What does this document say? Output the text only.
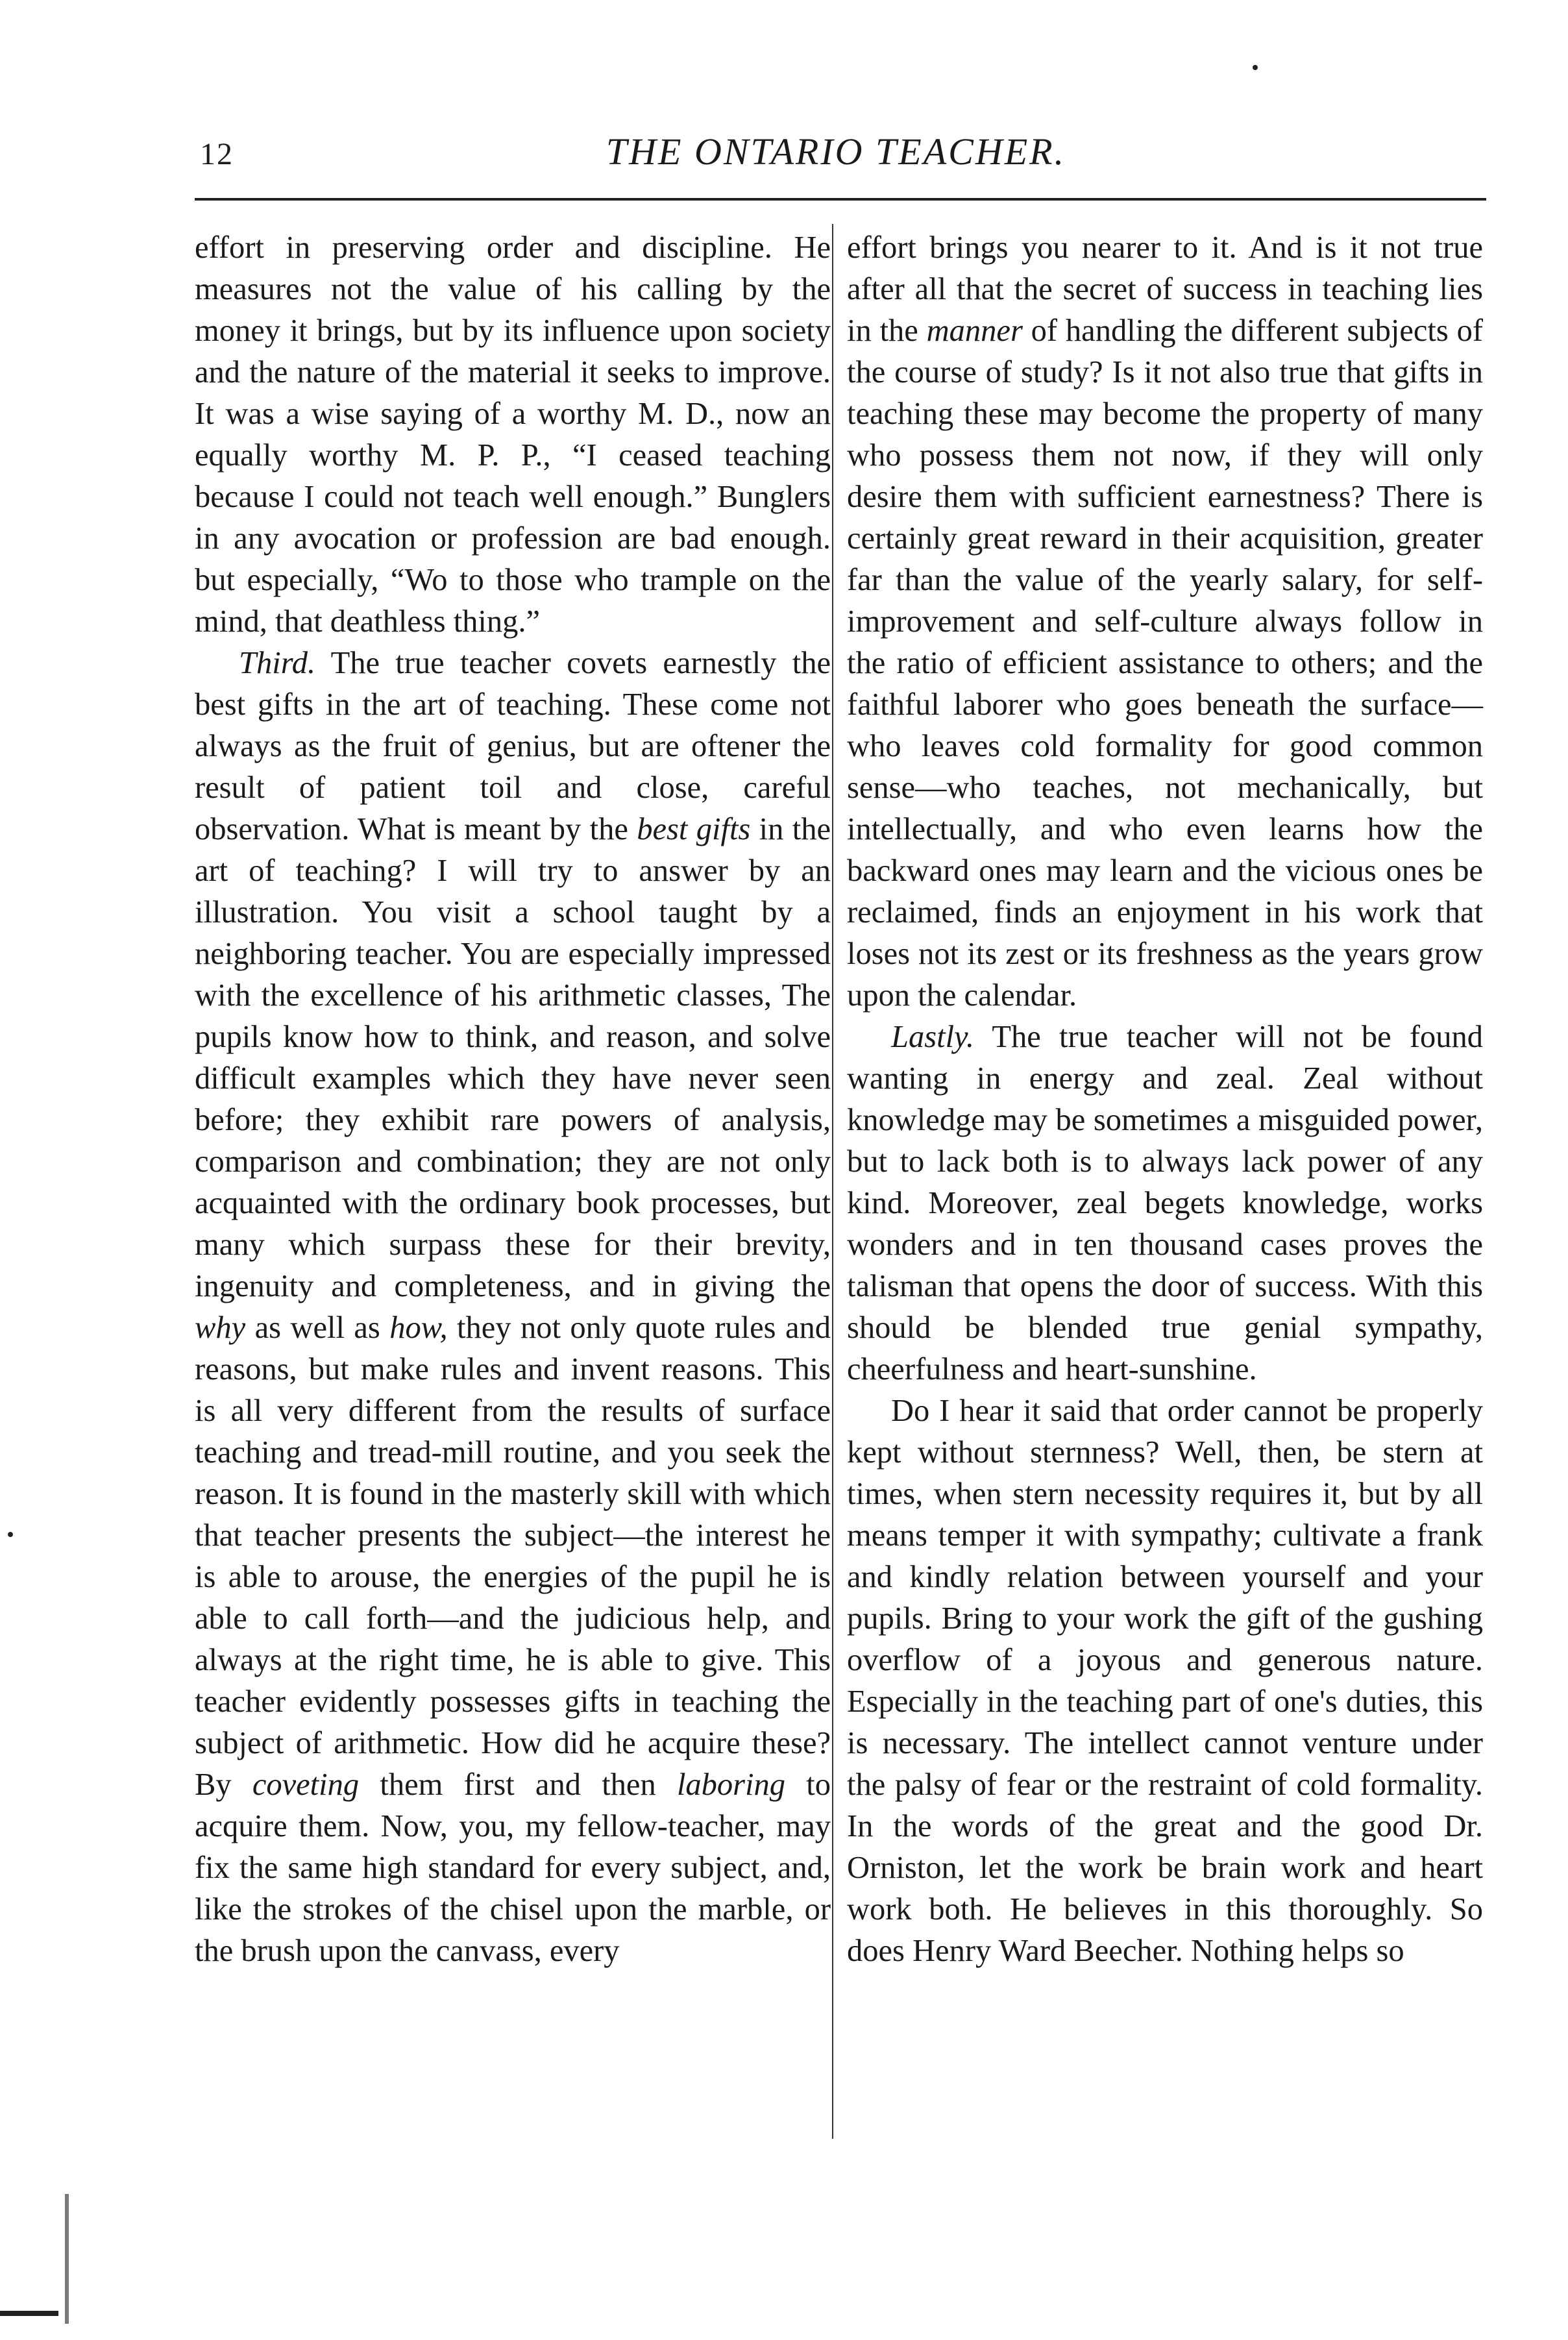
12	THE ONTARIO TEACHER.

effort in preserving order and discipline. He measures not the value of his calling by the money it brings, but by its influence upon society and the nature of the material it seeks to improve. It was a wise saying of a worthy M. D., now an equally worthy M. P. P., “I ceased teaching because I could not teach well enough.” Bunglers in any avocation or profession are bad enough. but especially, “Wo to those who trample on the mind, that deathless thing.”

Third. The true teacher covets earnestly the best gifts in the art of teaching. These come not always as the fruit of genius, but are oftener the result of patient toil and close, careful observation. What is meant by the best gifts in the art of teaching? I will try to answer by an illustration. You visit a school taught by a neighboring teacher. You are especially impressed with the excellence of his arithmetic classes, The pupils know how to think, and reason, and solve difficult examples which they have never seen before; they exhibit rare powers of analysis, comparison and combination; they are not only acquainted with the ordinary book processes, but many which surpass these for their brevity, ingenuity and completeness, and in giving the why as well as how, they not only quote rules and reasons, but make rules and invent reasons. This is all very different from the results of surface teaching and tread-mill routine, and you seek the reason. It is found in the masterly skill with which that teacher presents the subject—the interest he is able to arouse, the energies of the pupil he is able to call forth—and the judicious help, and always at the right time, he is able to give. This teacher evidently possesses gifts in teaching the subject of arithmetic. How did he acquire these? By coveting them first and then laboring to acquire them. Now, you, my fellow-teacher, may fix the same high standard for every subject, and, like the strokes of the chisel upon the marble, or the brush upon the canvass, every

effort brings you nearer to it. And is it not true after all that the secret of success in teaching lies in the manner of handling the different subjects of the course of study? Is it not also true that gifts in teaching these may become the property of many who possess them not now, if they will only desire them with sufficient earnestness? There is certainly great reward in their acquisition, greater far than the value of the yearly salary, for self-improvement and self-culture always follow in the ratio of efficient assistance to others; and the faithful laborer who goes beneath the surface—who leaves cold formality for good common sense—who teaches, not mechanically, but intellectually, and who even learns how the backward ones may learn and the vicious ones be reclaimed, finds an enjoyment in his work that loses not its zest or its freshness as the years grow upon the calendar.

Lastly. The true teacher will not be found wanting in energy and zeal. Zeal without knowledge may be sometimes a misguided power, but to lack both is to always lack power of any kind. Moreover, zeal begets knowledge, works wonders and in ten thousand cases proves the talisman that opens the door of success. With this should be blended true genial sympathy, cheerfulness and heart-sunshine.

Do I hear it said that order cannot be properly kept without sternness? Well, then, be stern at times, when stern necessity requires it, but by all means temper it with sympathy; cultivate a frank and kindly relation between yourself and your pupils. Bring to your work the gift of the gushing overflow of a joyous and generous nature. Especially in the teaching part of one's duties, this is necessary. The intellect cannot venture under the palsy of fear or the restraint of cold formality. In the words of the great and the good Dr. Orniston, let the work be brain work and heart work both. He believes in this thoroughly. So does Henry Ward Beecher. Nothing helps so
